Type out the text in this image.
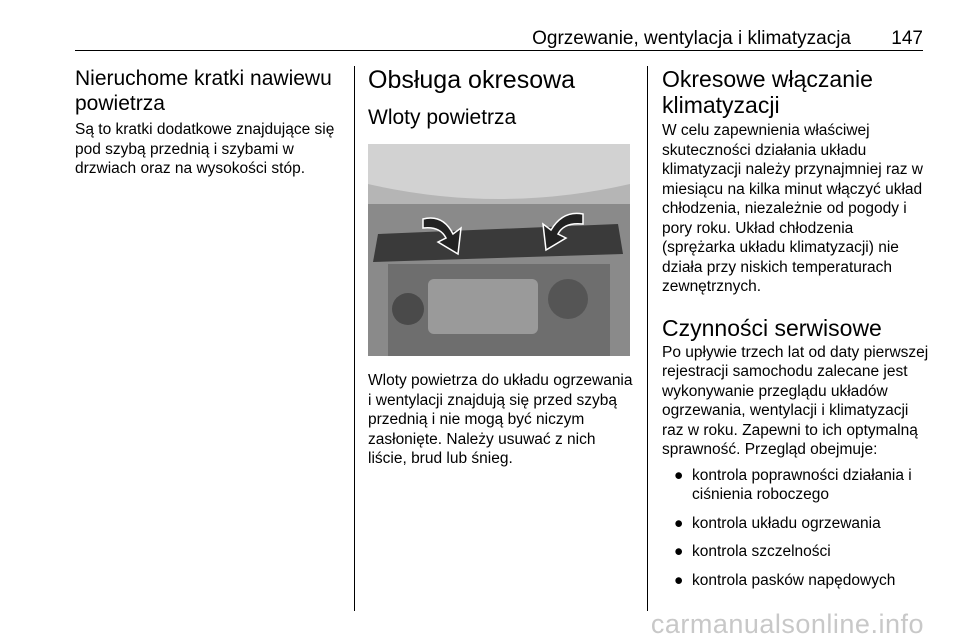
Ogrzewanie, wentylacja i klimatyzacja 147
Nieruchome kratki nawiewu powietrza

Są to kratki dodatkowe znajdujące się pod szybą przednią i szybami w drzwiach oraz na wysokości stóp.

Obsługa okresowa
Wloty powietrza

Wloty powietrza do układu ogrzewania i wentylacji znajdują się przed szybą przednią i nie mogą być niczym zasłonięte. Należy usuwać z nich liście, brud lub śnieg.

Okresowe włączanie klimatyzacji

W celu zapewnienia właściwej skuteczności działania układu klimatyzacji należy przynajmniej raz w miesiącu na kilka minut włączyć układ chłodzenia, niezależnie od pogody i pory roku. Układ chłodzenia (sprężarka układu klimatyzacji) nie działa przy niskich temperaturach zewnętrznych.

Czynności serwisowe

Po upływie trzech lat od daty pierwszej rejestracji samochodu zalecane jest wykonywanie przeglądu układów ogrzewania, wentylacji i klimatyzacji raz w roku. Zapewni to ich optymalną sprawność. Przegląd obejmuje:

● kontrola poprawności działania i ciśnienia roboczego
● kontrola układu ogrzewania
● kontrola szczelności
● kontrola pasków napędowych
carmanualsonline.info
